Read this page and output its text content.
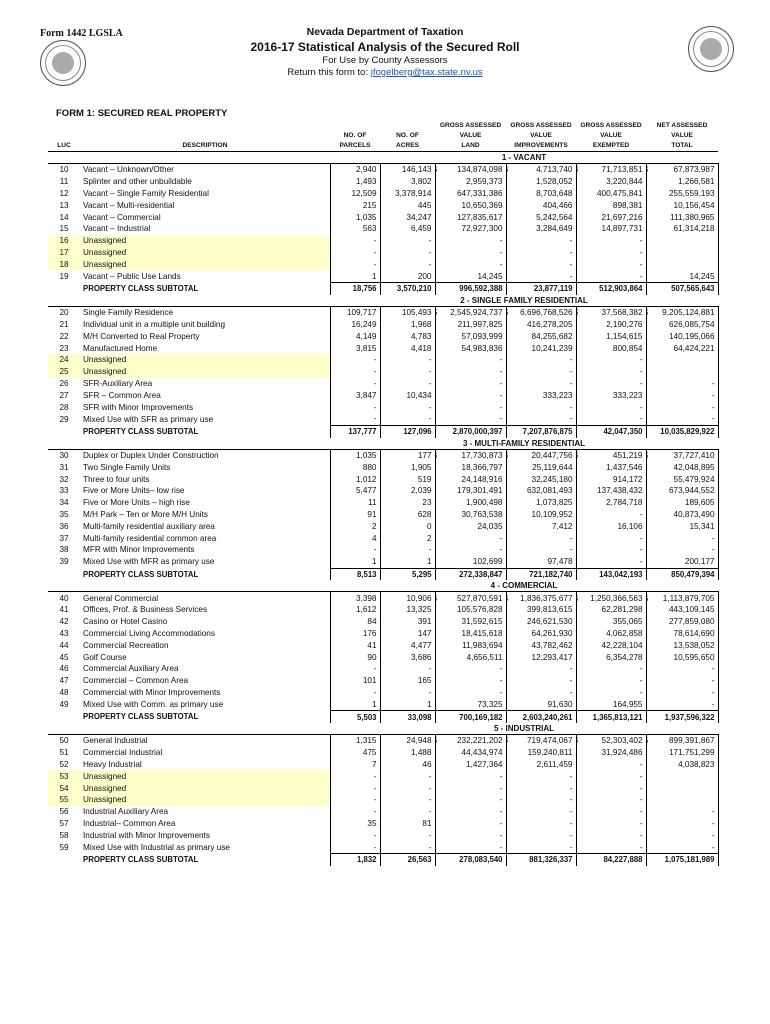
Form 1442 LGSLA	Nevada Department of Taxation
2016-17 Statistical Analysis of the Secured Roll
For Use by County Assessors
Return this form to: jfogelberg@tax.state.nv.us
FORM 1: SECURED REAL PROPERTY
				GROSS ASSESSED	GROSS ASSESSED	GROSS ASSESSED	NET ASSESSED
		NO. OF	NO. OF	VALUE	VALUE	VALUE	VALUE
LUC	DESCRIPTION	PARCELS	ACRES	LAND	IMPROVEMENTS	EXEMPTED	TOTAL
		1 - VACANT					
10	Vacant – Unknown/Other	2,940	146,143	$ 134,874,098	$ 4,713,740	$ 71,713,851	$ 67,873,987
11	Splinter and other unbuildable	1,493	3,802	2,959,373	1,528,052	3,220,844	1,266,581
12	Vacant – Single Family Residential	12,509	3,378,914	647,331,386	8,703,648	400,475,841	255,559,193
13	Vacant – Multi-residential	215	445	10,650,369	404,466	898,381	10,156,454
14	Vacant – Commercial	1,035	34,247	127,835,617	5,242,564	21,697,216	111,380,965
15	Vacant – Industrial	563	6,459	72,927,300	3,284,649	14,897,731	61,314,218
16	Unassigned	-	-	-	-	-	
17	Unassigned	-	-	-	-	-	
18	Unassigned	-	-	-	-	-	
19	Vacant – Public Use Lands	1	200	14,245	-	-	14,245
	PROPERTY CLASS SUBTOTAL	18,756	3,570,210	996,592,388	23,877,119	512,903,864	507,565,643
		2 - SINGLE FAMILY RESIDENTIAL					
20	Single Family Residence	109,717	105,493	$ 2,545,924,737	$ 6,696,768,526	$ 37,568,382	$ 9,205,124,881
21	Individual unit in a multiple unit building	16,249	1,968	211,997,825	416,278,205	2,190,276	626,085,754
22	M/H Converted to Real Property	4,149	4,783	57,093,999	84,255,682	1,154,615	140,195,066
23	Manufactured Home	3,815	4,418	54,983,836	10,241,239	800,854	64,424,221
24	Unassigned	-	-	-	-	-	
25	Unassigned	-	-	-	-	-	
26	SFR-Auxiliary Area	-	-	-	-	-	-
27	SFR – Common Area	3,847	10,434	-	333,223	333,223	-
28	SFR with Minor Improvements	-	-	-	-	-	-
29	Mixed Use with SFR as primary use	-	-	-	-	-	-
	PROPERTY CLASS SUBTOTAL	137,777	127,096	2,870,000,397	7,207,876,875	42,047,350	10,035,829,922
		3 - MULTI-FAMILY RESIDENTIAL					
30	Duplex or Duplex Under Construction	1,035	177	$ 17,730,873	$ 20,447,756	$ 451,219	$ 37,727,410
31	Two Single Family Units	880	1,905	18,366,797	25,119,644	1,437,546	42,048,895
32	Three to four units	1,012	519	24,148,916	32,245,180	914,172	55,479,924
33	Five or More Units– low rise	5,477	2,039	179,301,491	632,081,493	137,438,432	673,944,552
34	Five or More Units – high rise	11	23	1,900,498	1,073,825	2,784,718	189,605
35	M/H Park – Ten or More M/H Units	91	628	30,763,538	10,109,952	-	40,873,490
36	Multi-family residential auxiliary area	2	0	24,035	7,412	16,106	15,341
37	Multi-family residential common area	4	2	-	-	-	-
38	MFR with Minor Improvements	-	-	-	-	-	-
39	Mixed Use with MFR as primary use	1	1	102,699	97,478	-	200,177
	PROPERTY CLASS SUBTOTAL	8,513	5,295	272,338,847	721,182,740	143,042,193	850,479,394
		4 - COMMERCIAL					
40	General Commercial	3,398	10,906	$ 527,870,591	$ 1,836,375,677	$ 1,250,366,563	$ 1,113,879,705
41	Offices, Prof. & Business Services	1,612	13,325	105,576,828	399,813,615	62,281,298	443,109,145
42	Casino or Hotel Casino	84	391	31,592,615	246,621,530	355,065	277,859,080
43	Commercial Living Accommodations	176	147	18,415,618	64,261,930	4,062,858	78,614,690
44	Commercial Recreation	41	4,477	11,983,694	43,782,462	42,228,104	13,538,052
45	Golf Course	90	3,686	4,656,511	12,293,417	6,354,278	10,595,650
46	Commercial Auxiliary Area	-	-	-	-	-	-
47	Commercial – Common Area	101	165	-	-	-	-
48	Commercial with Minor Improvements	-	-	-	-	-	-
49	Mixed Use with Comm. as primary use	1	1	73,325	91,630	164,955	-
	PROPERTY CLASS SUBTOTAL	5,503	33,098	700,169,182	2,603,240,261	1,365,813,121	1,937,596,322
		5 - INDUSTRIAL					
50	General Industrial	1,315	24,948	$ 232,221,202	$ 719,474,067	$ 52,303,402	$ 899,391,867
51	Commercial Industrial	475	1,488	44,434,974	159,240,811	31,924,486	171,751,299
52	Heavy Industrial	7	46	1,427,364	2,611,459	-	4,038,823
53	Unassigned	-	-	-	-	-	
54	Unassigned	-	-	-	-	-	
55	Unassigned	-	-	-	-	-	
56	Industrial Auxiliary Area	-	-	-	-	-	-
57	Industrial– Common Area	35	81	-	-	-	-
58	Industrial with Minor Improvements	-	-	-	-	-	-
59	Mixed Use with Industrial as primary use	-	-	-	-	-	-
	PROPERTY CLASS SUBTOTAL	1,832	26,563	278,083,540	881,326,337	84,227,888	1,075,181,989
